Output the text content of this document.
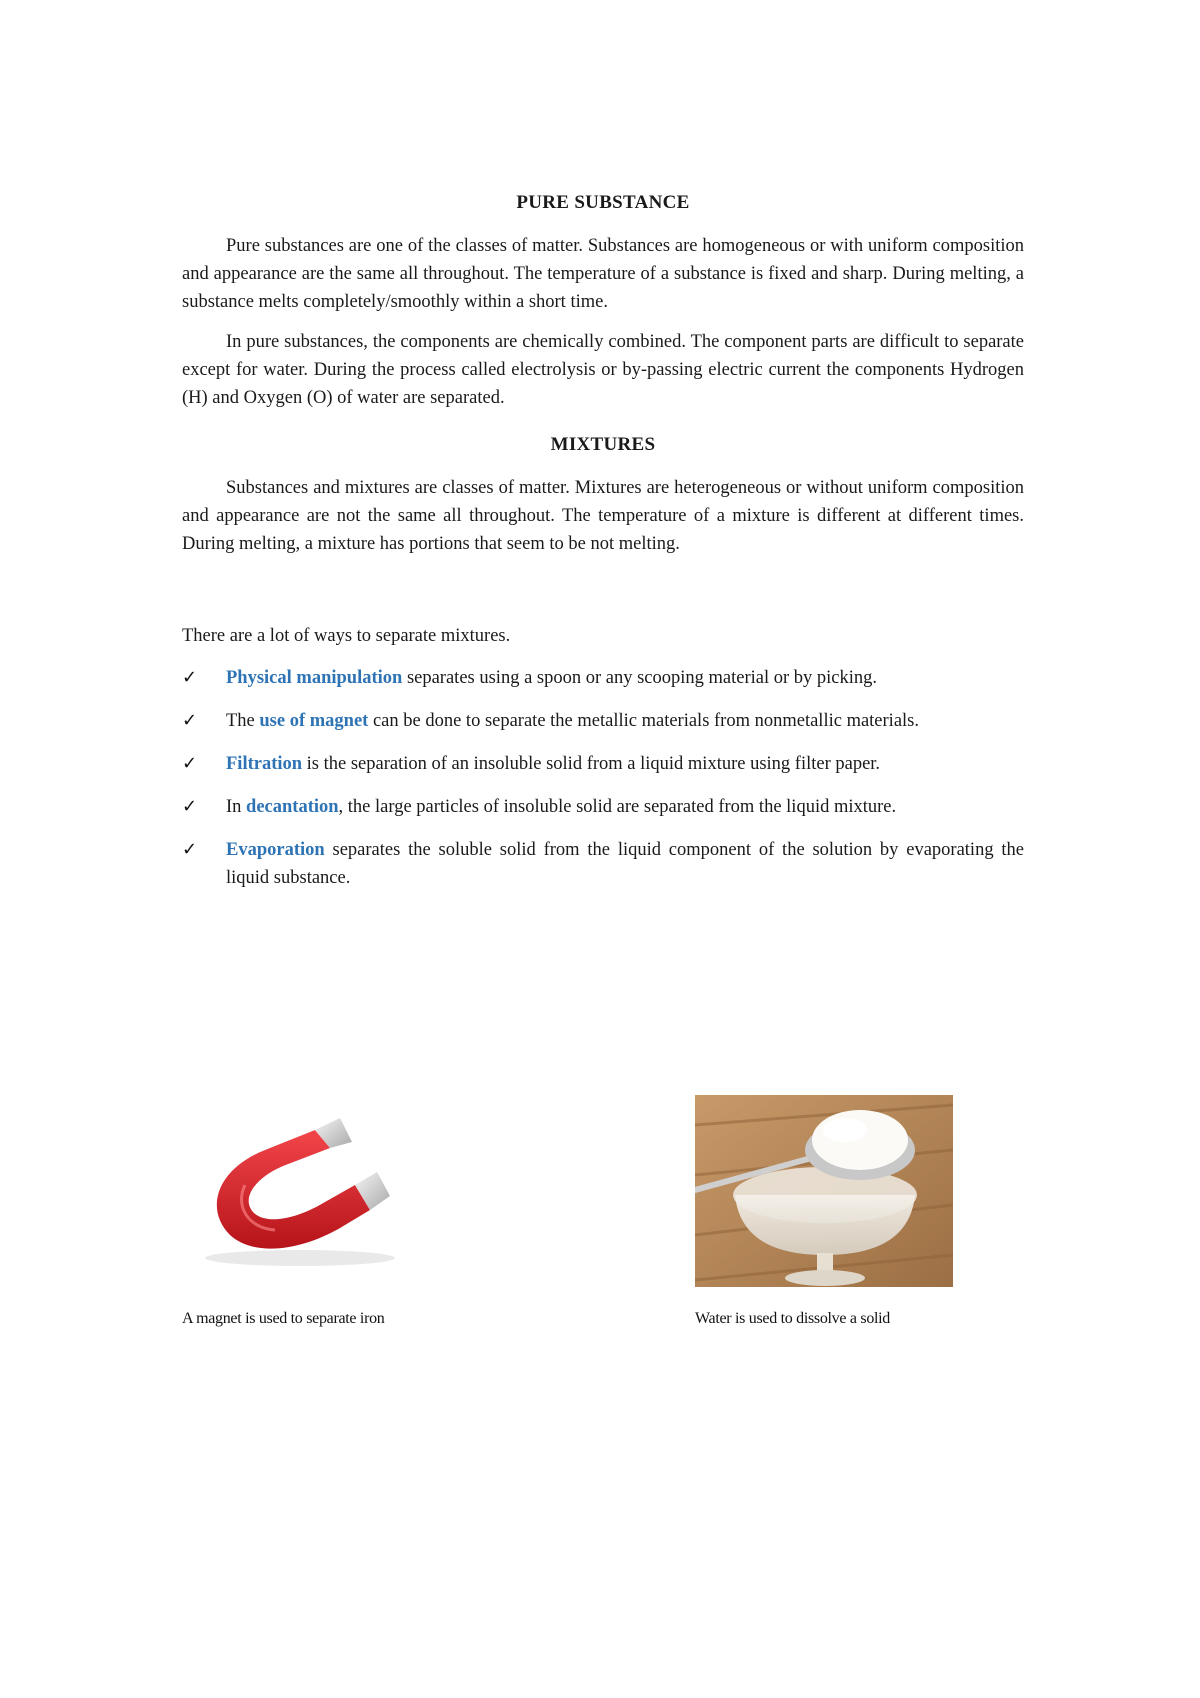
PURE SUBSTANCE

Pure substances are one of the classes of matter. Substances are homogeneous or with uniform composition and appearance are the same all throughout. The temperature of a substance is fixed and sharp. During melting, a substance melts completely/smoothly within a short time.

In pure substances, the components are chemically combined. The component parts are difficult to separate except for water. During the process called electrolysis or by-passing electric current the components Hydrogen (H) and Oxygen (O) of water are separated.

MIXTURES

Substances and mixtures are classes of matter. Mixtures are heterogeneous or without uniform composition and appearance are not the same all throughout. The temperature of a mixture is different at different times. During melting, a mixture has portions that seem to be not melting.

There are a lot of ways to separate mixtures.

✓ Physical manipulation separates using a spoon or any scooping material or by picking.
✓ The use of magnet can be done to separate the metallic materials from nonmetallic materials.
✓ Filtration is the separation of an insoluble solid from a liquid mixture using filter paper.
✓ In decantation, the large particles of insoluble solid are separated from the liquid mixture.
✓ Evaporation separates the soluble solid from the liquid component of the solution by evaporating the liquid substance.
A magnet is used to separate iron	Water is used to dissolve a solid
